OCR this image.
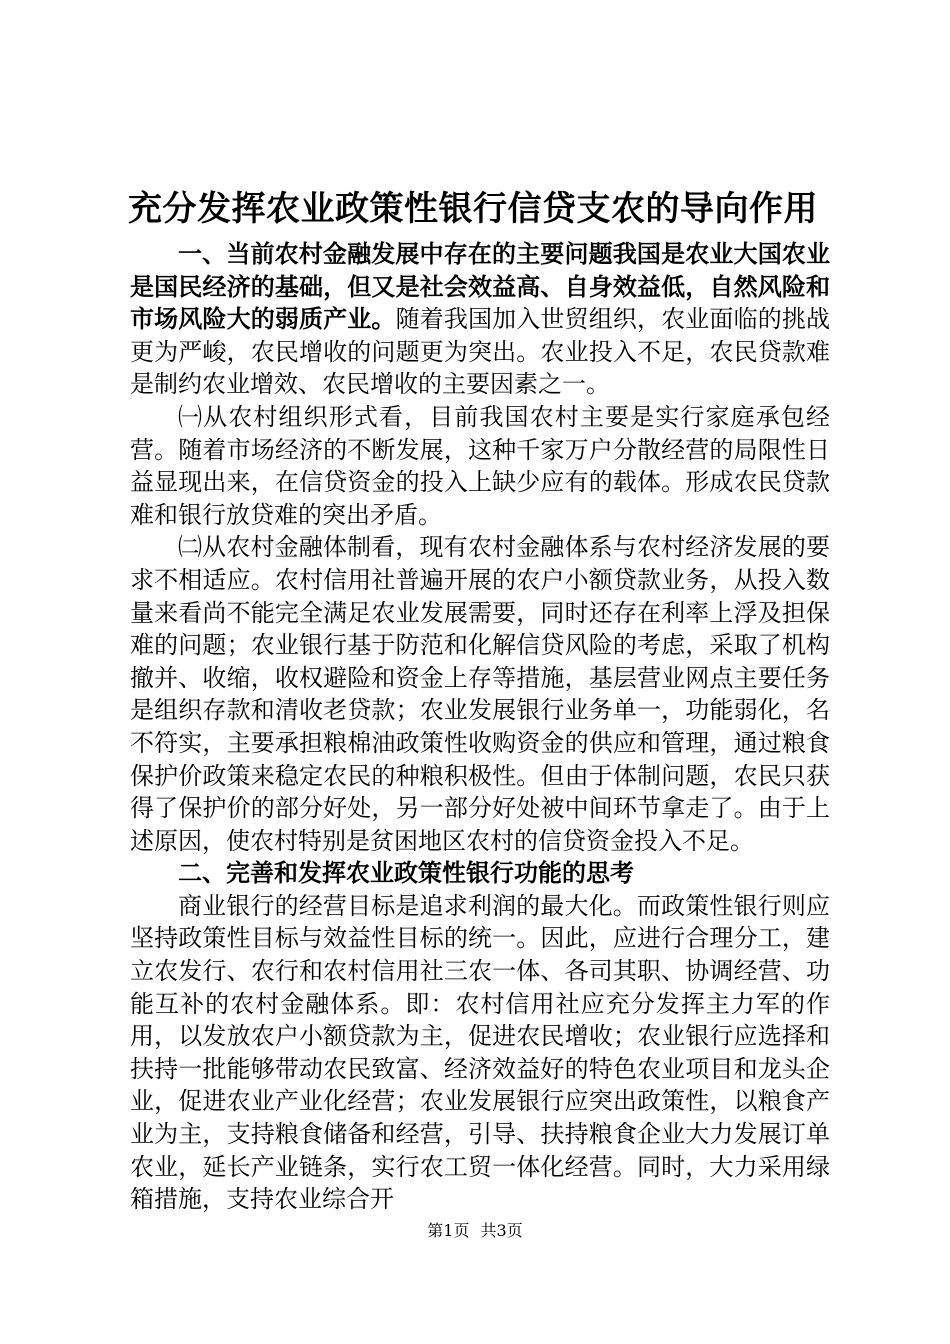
充分发挥农业政策性银行信贷支农的导向作用

一、当前农村金融发展中存在的主要问题我国是农业大国农业是国民经济的基础，但又是社会效益高、自身效益低，自然风险和市场风险大的弱质产业。随着我国加入世贸组织，农业面临的挑战更为严峻，农民增收的问题更为突出。农业投入不足，农民贷款难是制约农业增效、农民增收的主要因素之一。

㈠从农村组织形式看，目前我国农村主要是实行家庭承包经营。随着市场经济的不断发展，这种千家万户分散经营的局限性日益显现出来，在信贷资金的投入上缺少应有的载体。形成农民贷款难和银行放贷难的突出矛盾。

㈡从农村金融体制看，现有农村金融体系与农村经济发展的要求不相适应。农村信用社普遍开展的农户小额贷款业务，从投入数量来看尚不能完全满足农业发展需要，同时还存在利率上浮及担保难的问题；农业银行基于防范和化解信贷风险的考虑，采取了机构撤并、收缩，收权避险和资金上存等措施，基层营业网点主要任务是组织存款和清收老贷款；农业发展银行业务单一，功能弱化，名不符实，主要承担粮棉油政策性收购资金的供应和管理，通过粮食保护价政策来稳定农民的种粮积极性。但由于体制问题，农民只获得了保护价的部分好处，另一部分好处被中间环节拿走了。由于上述原因，使农村特别是贫困地区农村的信贷资金投入不足。

二、完善和发挥农业政策性银行功能的思考

商业银行的经营目标是追求利润的最大化。而政策性银行则应坚持政策性目标与效益性目标的统一。因此，应进行合理分工，建立农发行、农行和农村信用社三农一体、各司其职、协调经营、功能互补的农村金融体系。即：农村信用社应充分发挥主力军的作用，以发放农户小额贷款为主，促进农民增收；农业银行应选择和扶持一批能够带动农民致富、经济效益好的特色农业项目和龙头企业，促进农业产业化经营；农业发展银行应突出政策性，以粮食产业为主，支持粮食储备和经营，引导、扶持粮食企业大力发展订单农业，延长产业链条，实行农工贸一体化经营。同时，大力采用绿箱措施，支持农业综合开

第1页 共3页
